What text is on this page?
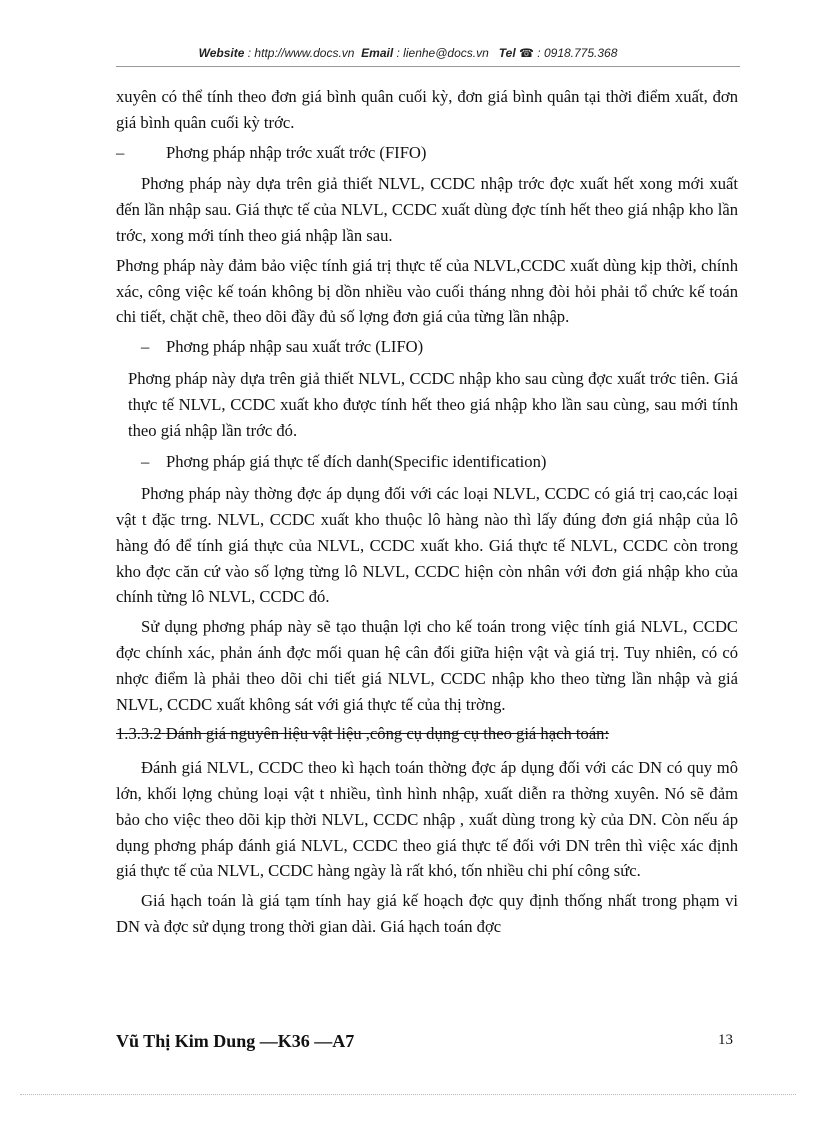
Website : http://www.docs.vn Email : lienhe@docs.vn Tel ☎ : 0918.775.368

xuyên có thể tính theo đơn giá bình quân cuối kỳ, đơn giá bình quân tại thời điểm xuất, đơn giá bình quân cuối kỳ trớc.

–	Phơng pháp nhập trớc xuất trớc (FIFO)

Phơng pháp này dựa trên giả thiết NLVL, CCDC nhập trớc đợc xuất hết xong mới xuất đến lần nhập sau. Giá thực tế của NLVL, CCDC xuất dùng đợc tính hết theo giá nhập kho lần trớc, xong mới tính theo giá nhập lần sau.

Phơng pháp này đảm bảo việc tính giá trị thực tế của NLVL,CCDC xuất dùng kịp thời, chính xác, công việc kế toán không bị dồn nhiều vào cuối tháng nhng đòi hỏi phải tổ chức kế toán chi tiết, chặt chẽ, theo dõi đầy đủ số lợng đơn giá của từng lần nhập.

– Phơng pháp nhập sau xuất trớc (LIFO)

Phơng pháp này dựa trên giả thiết NLVL, CCDC nhập kho sau cùng đợc xuất trớc tiên. Giá thực tế NLVL, CCDC xuất kho được tính hết theo giá nhập kho lần sau cùng, sau mới tính theo giá nhập lần trớc đó.

– Phơng pháp giá thực tế đích danh(Specific identification)

Phơng pháp này thờng đợc áp dụng đối với các loại NLVL, CCDC có giá trị cao,các loại vật t đặc trng. NLVL, CCDC xuất kho thuộc lô hàng nào thì lấy đúng đơn giá nhập của lô hàng đó để tính giá thực của NLVL, CCDC xuất kho. Giá thực tế NLVL, CCDC còn trong kho đợc căn cứ vào số lợng từng lô NLVL, CCDC hiện còn nhân với đơn giá nhập kho của chính từng lô NLVL, CCDC đó.

Sử dụng phơng pháp này sẽ tạo thuận lợi cho kế toán trong việc tính giá NLVL, CCDC đợc chính xác, phản ánh đợc mối quan hệ cân đối giữa hiện vật và giá trị. Tuy nhiên, có có nhợc điểm là phải theo dõi chi tiết giá NLVL, CCDC nhập kho theo từng lần nhập và giá NLVL, CCDC xuất không sát với giá thực tế của thị trờng.

1.3.3.2 Đánh giá nguyên liệu vật liệu ,công cụ dụng cụ theo giá hạch toán:

Đánh giá NLVL, CCDC theo kì hạch toán thờng đợc áp dụng đối với các DN có quy mô lớn, khối lợng chủng loại vật t nhiều, tình hình nhập, xuất diễn ra thờng xuyên. Nó sẽ đảm bảo cho việc theo dõi kịp thời NLVL, CCDC nhập , xuất dùng trong kỳ của DN. Còn nếu áp dụng phơng pháp đánh giá NLVL, CCDC theo giá thực tế đối với DN trên thì việc xác định giá thực tế của NLVL, CCDC hàng ngày là rất khó, tốn nhiều chi phí công sức.

Giá hạch toán là giá tạm tính hay giá kế hoạch đợc quy định thống nhất trong phạm vi DN và đợc sử dụng trong thời gian dài. Giá hạch toán đợc

Vũ Thị Kim Dung —K36 —A7	13
